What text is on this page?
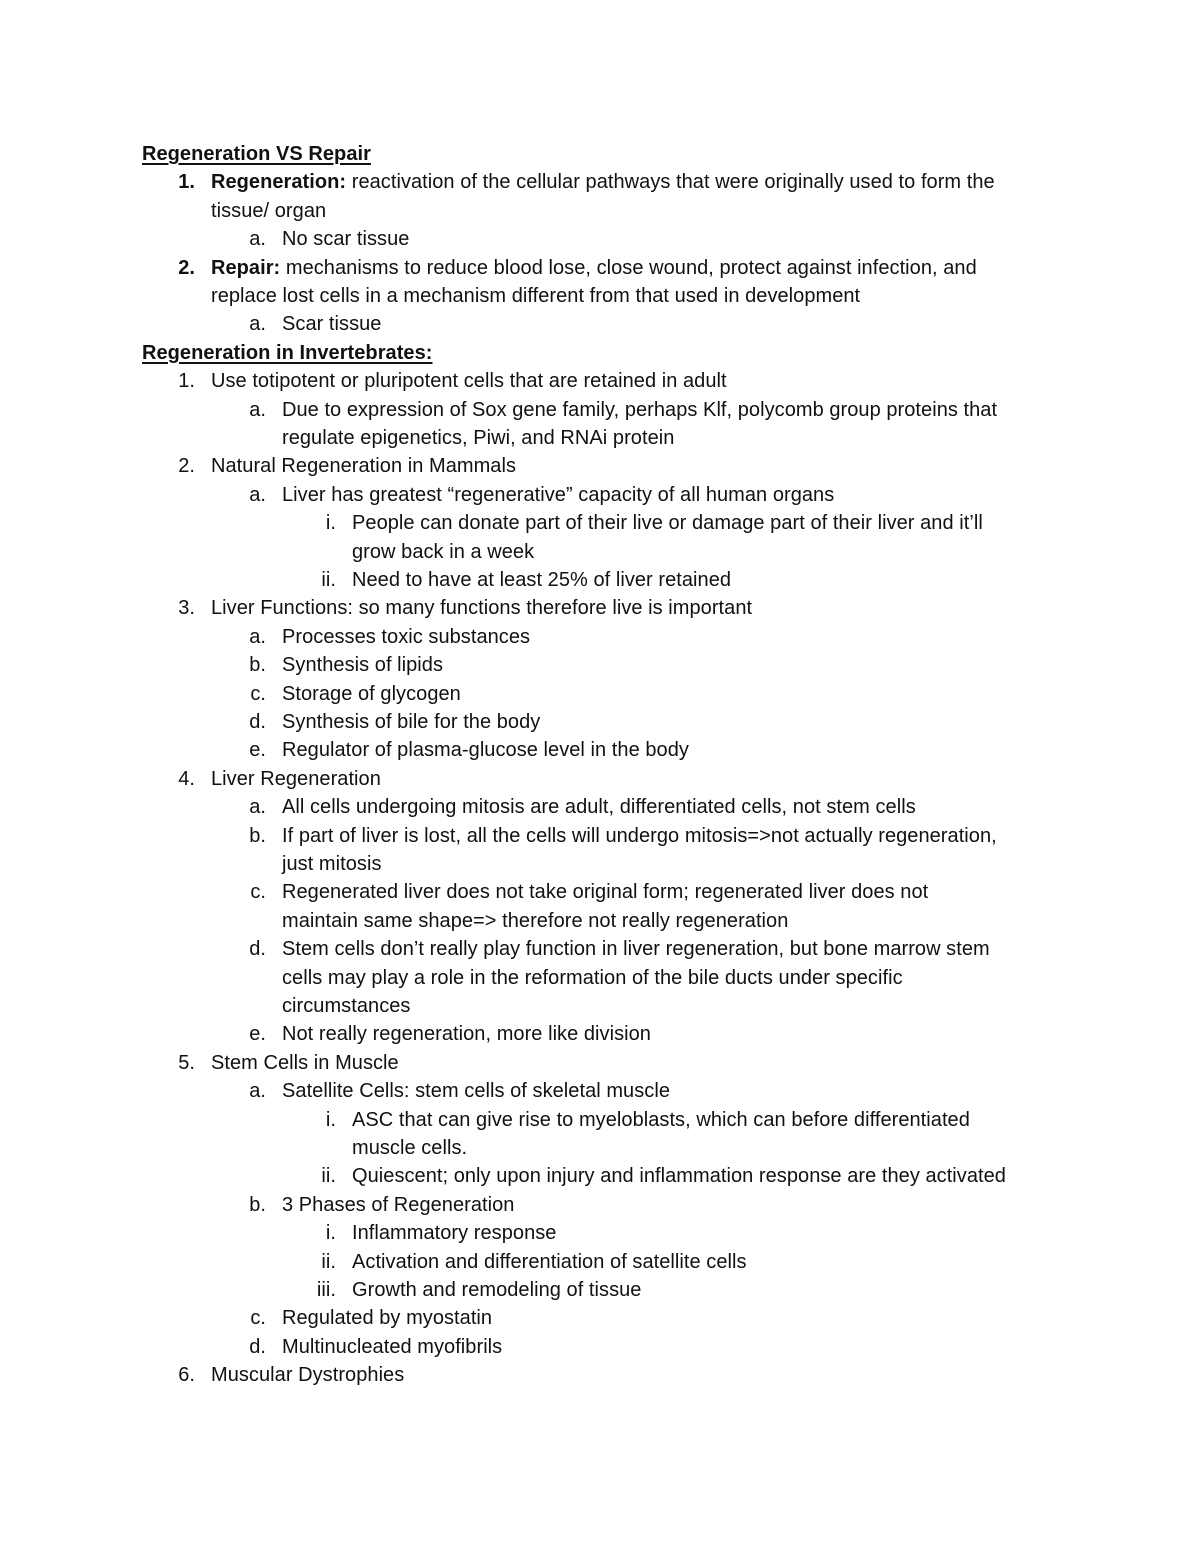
Regeneration VS Repair
1. Regeneration: reactivation of the cellular pathways that were originally used to form the
tissue/ organ
a. No scar tissue
2. Repair: mechanisms to reduce blood lose, close wound, protect against infection, and
replace lost cells in a mechanism different from that used in development
a. Scar tissue
Regeneration in Invertebrates:
1. Use totipotent or pluripotent cells that are retained in adult
a. Due to expression of Sox gene family, perhaps Klf, polycomb group proteins that
regulate epigenetics, Piwi, and RNAi protein
2. Natural Regeneration in Mammals
a. Liver has greatest “regenerative” capacity of all human organs
i. People can donate part of their live or damage part of their liver and it’ll
grow back in a week
ii. Need to have at least 25% of liver retained
3. Liver Functions: so many functions therefore live is important
a. Processes toxic substances
b. Synthesis of lipids
c. Storage of glycogen
d. Synthesis of bile for the body
e. Regulator of plasma-glucose level in the body
4. Liver Regeneration
a. All cells undergoing mitosis are adult, differentiated cells, not stem cells
b. If part of liver is lost, all the cells will undergo mitosis=>not actually regeneration,
just mitosis
c. Regenerated liver does not take original form; regenerated liver does not
maintain same shape=> therefore not really regeneration
d. Stem cells don’t really play function in liver regeneration, but bone marrow stem
cells may play a role in the reformation of the bile ducts under specific
circumstances
e. Not really regeneration, more like division
5. Stem Cells in Muscle
a. Satellite Cells: stem cells of skeletal muscle
i. ASC that can give rise to myeloblasts, which can before differentiated
muscle cells.
ii. Quiescent; only upon injury and inflammation response are they activated
b. 3 Phases of Regeneration
i. Inflammatory response
ii. Activation and differentiation of satellite cells
iii. Growth and remodeling of tissue
c. Regulated by myostatin
d. Multinucleated myofibrils
6. Muscular Dystrophies
